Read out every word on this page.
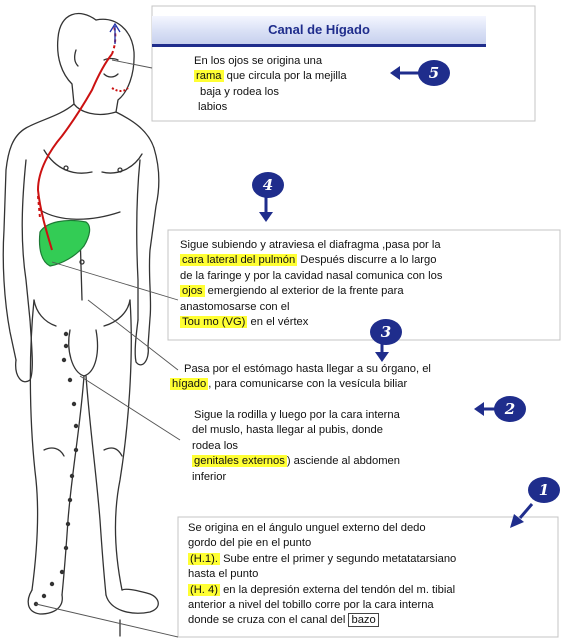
5
4
3
2
1
Canal de Hígado
En los ojos se origina una
rama que circula por la mejilla
baja y rodea los
labios
Sigue subiendo y atraviesa el diafragma ,pasa por la
cara lateral del pulmón Después discurre a lo largo
de la faringe y por la cavidad nasal comunica con los
ojos emergiendo al exterior de la frente para
anastomosarse con el
Tou mo (VG) en el vértex
Pasa por el estómago hasta llegar a su órgano, el
hígado , para comunicarse con la vesícula biliar
Sigue la rodilla y luego por la cara interna
del muslo, hasta llegar al pubis, donde
rodea los
genitales externos ) asciende al abdomen
inferior
Se origina en el ángulo unguel externo del dedo
gordo del pie en el punto
(H.1). Sube entre el primer y segundo metatatarsiano
hasta el punto
(H. 4) en la depresión externa del tendón del m. tibial
anterior a nivel del tobillo corre por la cara interna
donde se cruza con el canal del bazo
